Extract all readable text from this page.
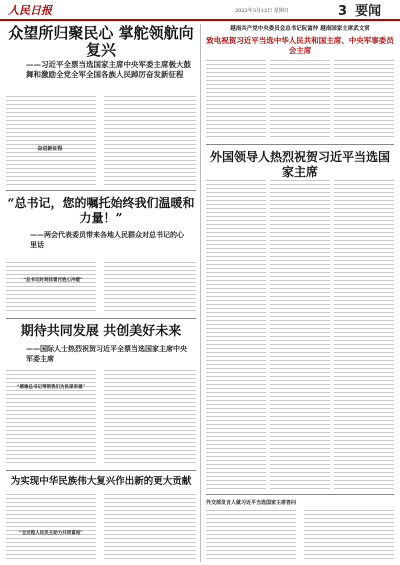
人民日报	2023年3月12日 星期日	3 要闻
众望所归聚民心 掌舵领航向复兴
——习近平全票当选国家主席中央军委主席极大鼓舞和激励全党全军全国各族人民踔厉奋发新征程
奋进新征程
“总书记，您的嘱托始终我们温暖和力量！”
——两会代表委员带来各地人民群众对总书记的心里话
“总书记时刻挂着百姓心冷暖”
期待共同发展 共创美好未来
——国际人士热烈祝贺习近平全票当选国家主席中央军委主席
“感谢总书记带领我们为民谋幸福”
为实现中华民族伟大复兴作出新的更大贡献
“全过程人民民主助力共同富裕”
越南共产党中央委员会总书记阮富仲 越南国家主席武文赏
致电祝贺习近平当选中华人民共和国主席、中央军事委员会主席
外国领导人热烈祝贺习近平当选国家主席
外交部发言人就习近平当选国家主席答问
